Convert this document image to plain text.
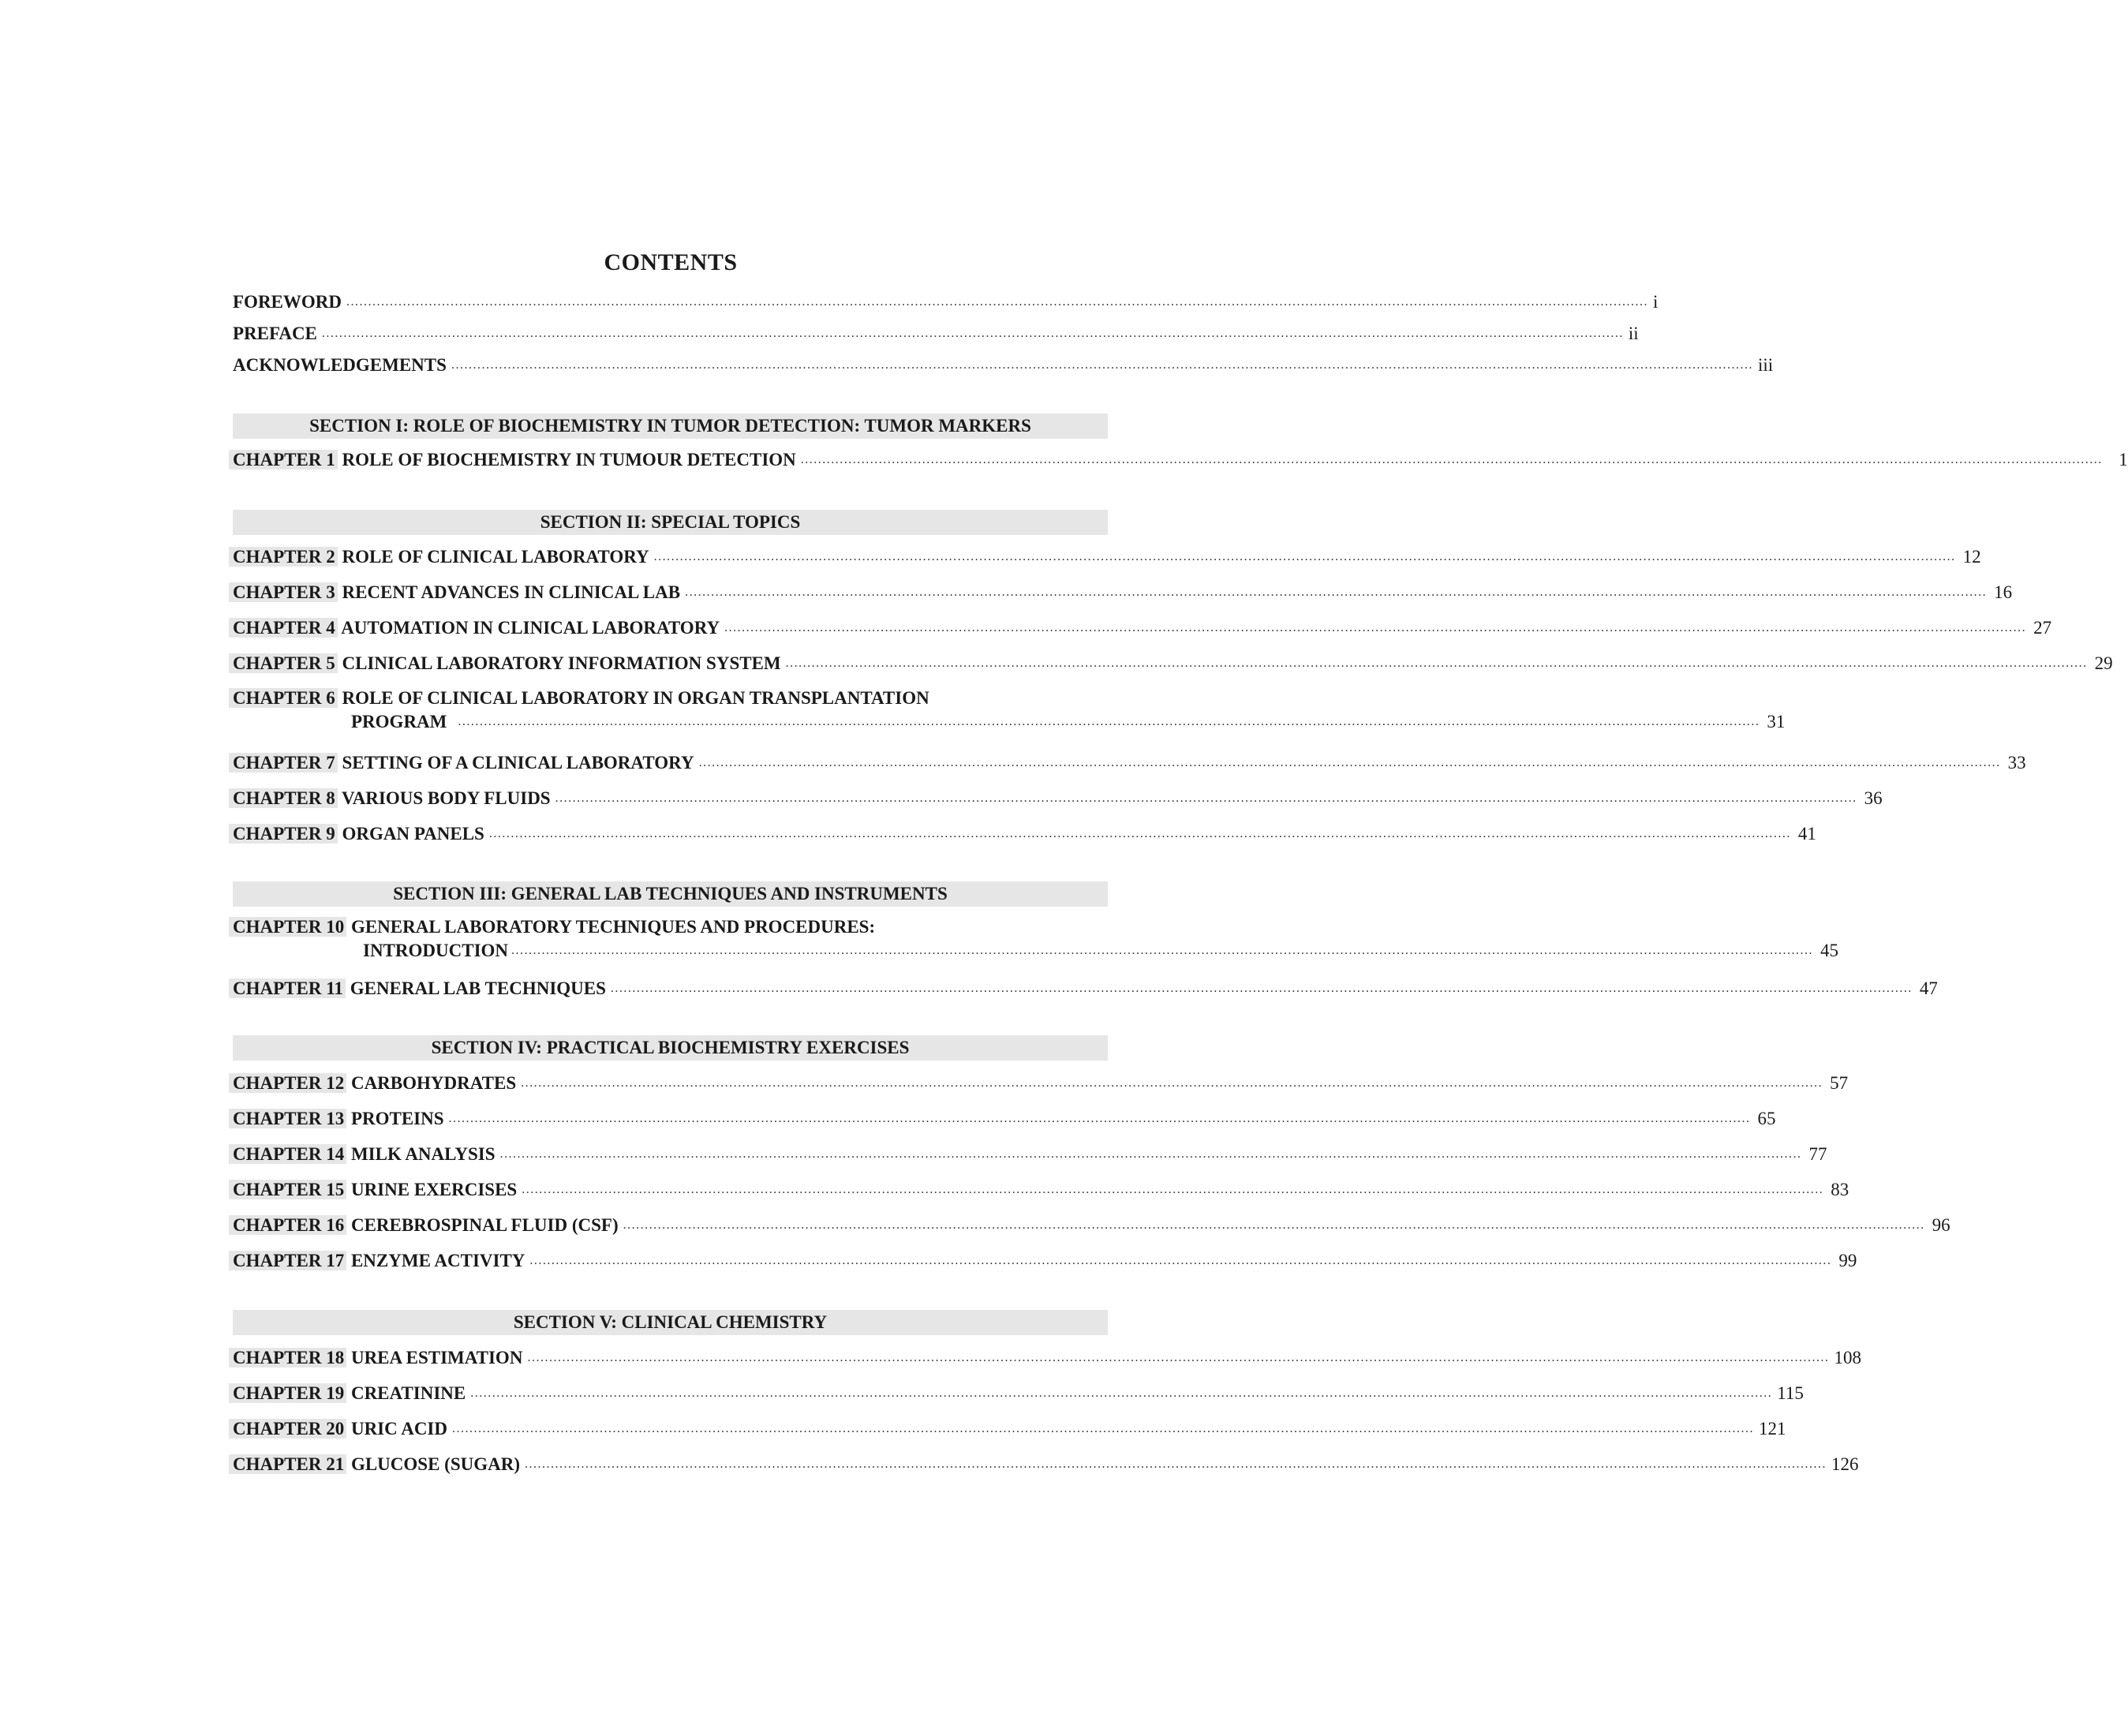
CONTENTS
FOREWORD ............................................................................................................................................................................................................................................................................................................ i
PREFACE ............................................................................................................................................................................................................................................................................................................ ii
ACKNOWLEDGEMENTS ............................................................................................................................................................................................................................................................................................................ iii
SECTION I: ROLE OF BIOCHEMISTRY IN TUMOR DETECTION: TUMOR MARKERS
CHAPTER 1 ROLE OF BIOCHEMISTRY IN TUMOUR DETECTION ............................................................................................................................................................................................................................................................................................................ 1
SECTION II: SPECIAL TOPICS
CHAPTER 2 ROLE OF CLINICAL LABORATORY ............................................................................................................................................................................................................................................................................................................ 12
CHAPTER 3 RECENT ADVANCES IN CLINICAL LAB ............................................................................................................................................................................................................................................................................................................ 16
CHAPTER 4 AUTOMATION IN CLINICAL LABORATORY ............................................................................................................................................................................................................................................................................................................ 27
CHAPTER 5 CLINICAL LABORATORY INFORMATION SYSTEM ............................................................................................................................................................................................................................................................................................................ 29
CHAPTER 6 ROLE OF CLINICAL LABORATORY IN ORGAN TRANSPLANTATION
PROGRAM ............................................................................................................................................................................................................................................................................................................ 31
CHAPTER 7 SETTING OF A CLINICAL LABORATORY ............................................................................................................................................................................................................................................................................................................ 33
CHAPTER 8 VARIOUS BODY FLUIDS ............................................................................................................................................................................................................................................................................................................ 36
CHAPTER 9 ORGAN PANELS ............................................................................................................................................................................................................................................................................................................ 41
SECTION III: GENERAL LAB TECHNIQUES AND INSTRUMENTS
CHAPTER 10 GENERAL LABORATORY TECHNIQUES AND PROCEDURES:
INTRODUCTION ............................................................................................................................................................................................................................................................................................................ 45
CHAPTER 11 GENERAL LAB TECHNIQUES ............................................................................................................................................................................................................................................................................................................ 47
SECTION IV: PRACTICAL BIOCHEMISTRY EXERCISES
CHAPTER 12 CARBOHYDRATES ............................................................................................................................................................................................................................................................................................................ 57
CHAPTER 13 PROTEINS ............................................................................................................................................................................................................................................................................................................ 65
CHAPTER 14 MILK ANALYSIS ............................................................................................................................................................................................................................................................................................................ 77
CHAPTER 15 URINE EXERCISES ............................................................................................................................................................................................................................................................................................................ 83
CHAPTER 16 CEREBROSPINAL FLUID (CSF) ............................................................................................................................................................................................................................................................................................................ 96
CHAPTER 17 ENZYME ACTIVITY ............................................................................................................................................................................................................................................................................................................ 99
SECTION V: CLINICAL CHEMISTRY
CHAPTER 18 UREA ESTIMATION ............................................................................................................................................................................................................................................................................................................ 108
CHAPTER 19 CREATININE ............................................................................................................................................................................................................................................................................................................ 115
CHAPTER 20 URIC ACID ............................................................................................................................................................................................................................................................................................................ 121
CHAPTER 21 GLUCOSE (SUGAR) ............................................................................................................................................................................................................................................................................................................ 126
